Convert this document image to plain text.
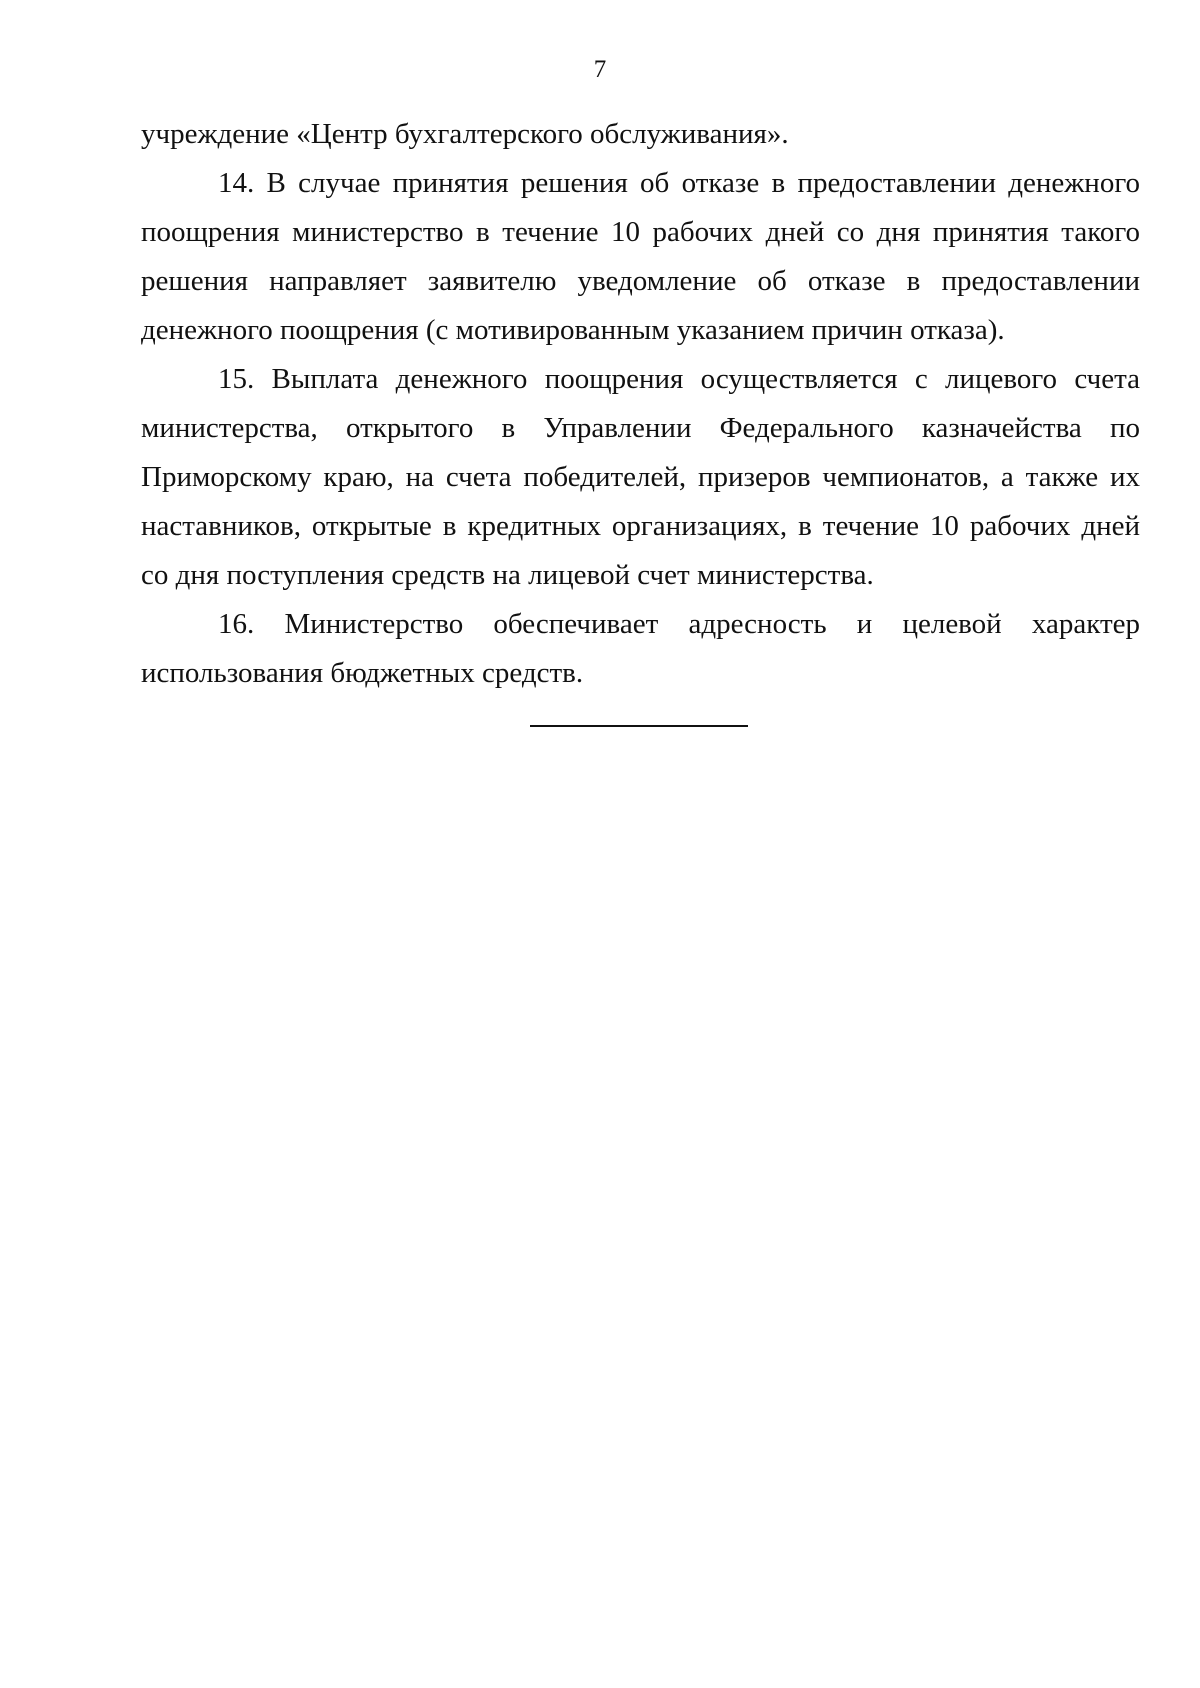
7

учреждение «Центр бухгалтерского обслуживания».

14. В случае принятия решения об отказе в предоставлении денежного поощрения министерство в течение 10 рабочих дней со дня принятия такого решения направляет заявителю уведомление об отказе в предоставлении денежного поощрения (с мотивированным указанием причин отказа).

15. Выплата денежного поощрения осуществляется с лицевого счета министерства, открытого в Управлении Федерального казначейства по Приморскому краю, на счета победителей, призеров чемпионатов, а также их наставников, открытые в кредитных организациях, в течение 10 рабочих дней со дня поступления средств на лицевой счет министерства.

16. Министерство обеспечивает адресность и целевой характер использования бюджетных средств.
